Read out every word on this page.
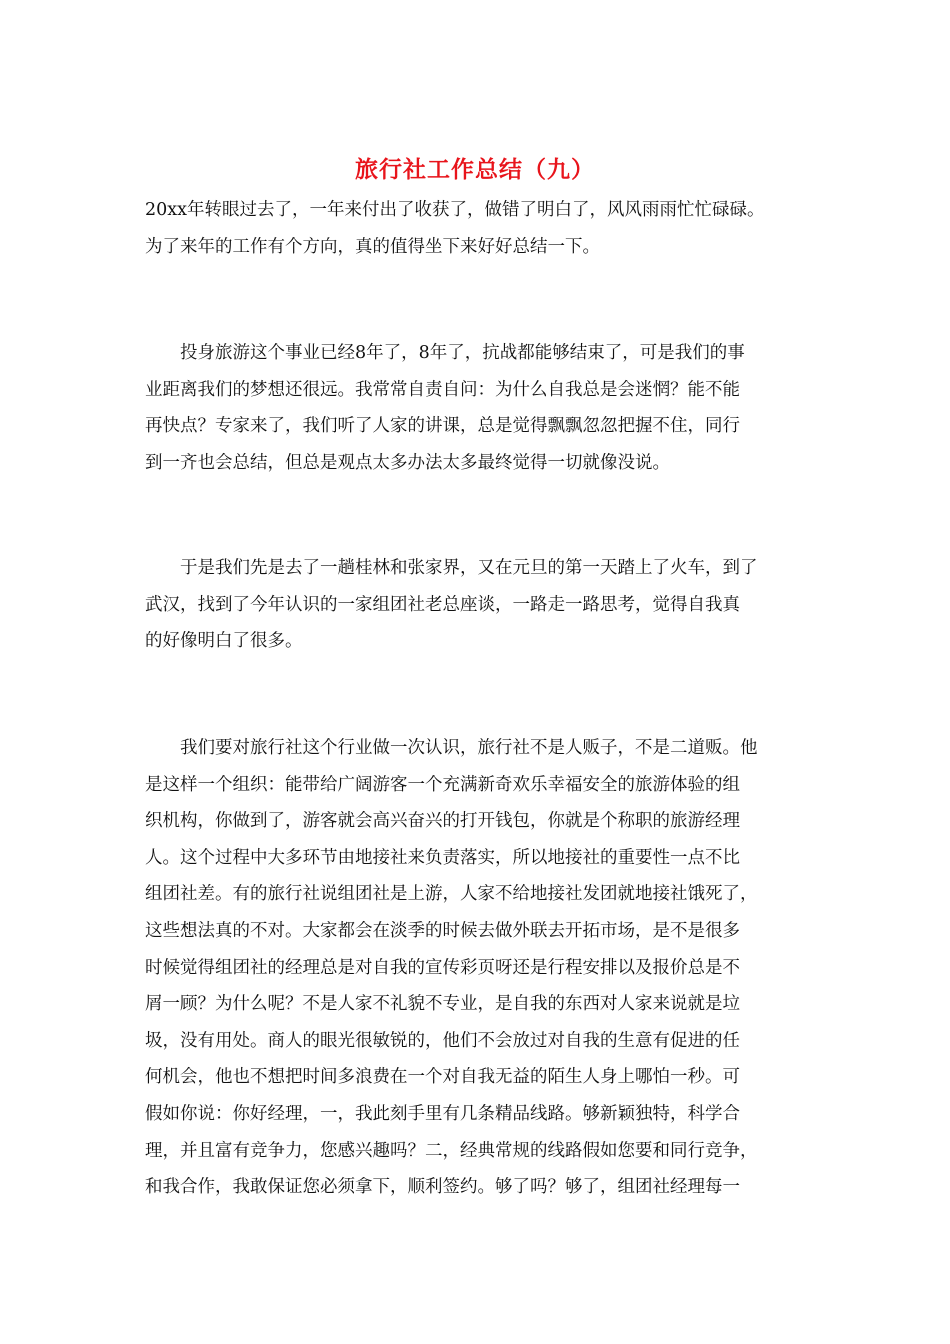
旅行社工作总结（九）
20xx年转眼过去了，一年来付出了收获了，做错了明白了，风风雨雨忙忙碌碌。
为了来年的工作有个方向，真的值得坐下来好好总结一下。
　　投身旅游这个事业已经8年了，8年了，抗战都能够结束了，可是我们的事
业距离我们的梦想还很远。我常常自责自问：为什么自我总是会迷惘？能不能
再快点？专家来了，我们听了人家的讲课，总是觉得飘飘忽忽把握不住，同行
到一齐也会总结，但总是观点太多办法太多最终觉得一切就像没说。
　　于是我们先是去了一趟桂林和张家界，又在元旦的第一天踏上了火车，到了
武汉，找到了今年认识的一家组团社老总座谈，一路走一路思考，觉得自我真
的好像明白了很多。
　　我们要对旅行社这个行业做一次认识，旅行社不是人贩子，不是二道贩。他
是这样一个组织：能带给广阔游客一个充满新奇欢乐幸福安全的旅游体验的组
织机构，你做到了，游客就会高兴奋兴的打开钱包，你就是个称职的旅游经理
人。这个过程中大多环节由地接社来负责落实，所以地接社的重要性一点不比
组团社差。有的旅行社说组团社是上游，人家不给地接社发团就地接社饿死了，
这些想法真的不对。大家都会在淡季的时候去做外联去开拓市场，是不是很多
时候觉得组团社的经理总是对自我的宣传彩页呀还是行程安排以及报价总是不
屑一顾？为什么呢？不是人家不礼貌不专业，是自我的东西对人家来说就是垃
圾，没有用处。商人的眼光很敏锐的，他们不会放过对自我的生意有促进的任
何机会，他也不想把时间多浪费在一个对自我无益的陌生人身上哪怕一秒。可
假如你说：你好经理，一，我此刻手里有几条精品线路。够新颖独特，科学合
理，并且富有竞争力，您感兴趣吗？二，经典常规的线路假如您要和同行竞争，
和我合作，我敢保证您必须拿下，顺利签约。够了吗？够了，组团社经理每一
